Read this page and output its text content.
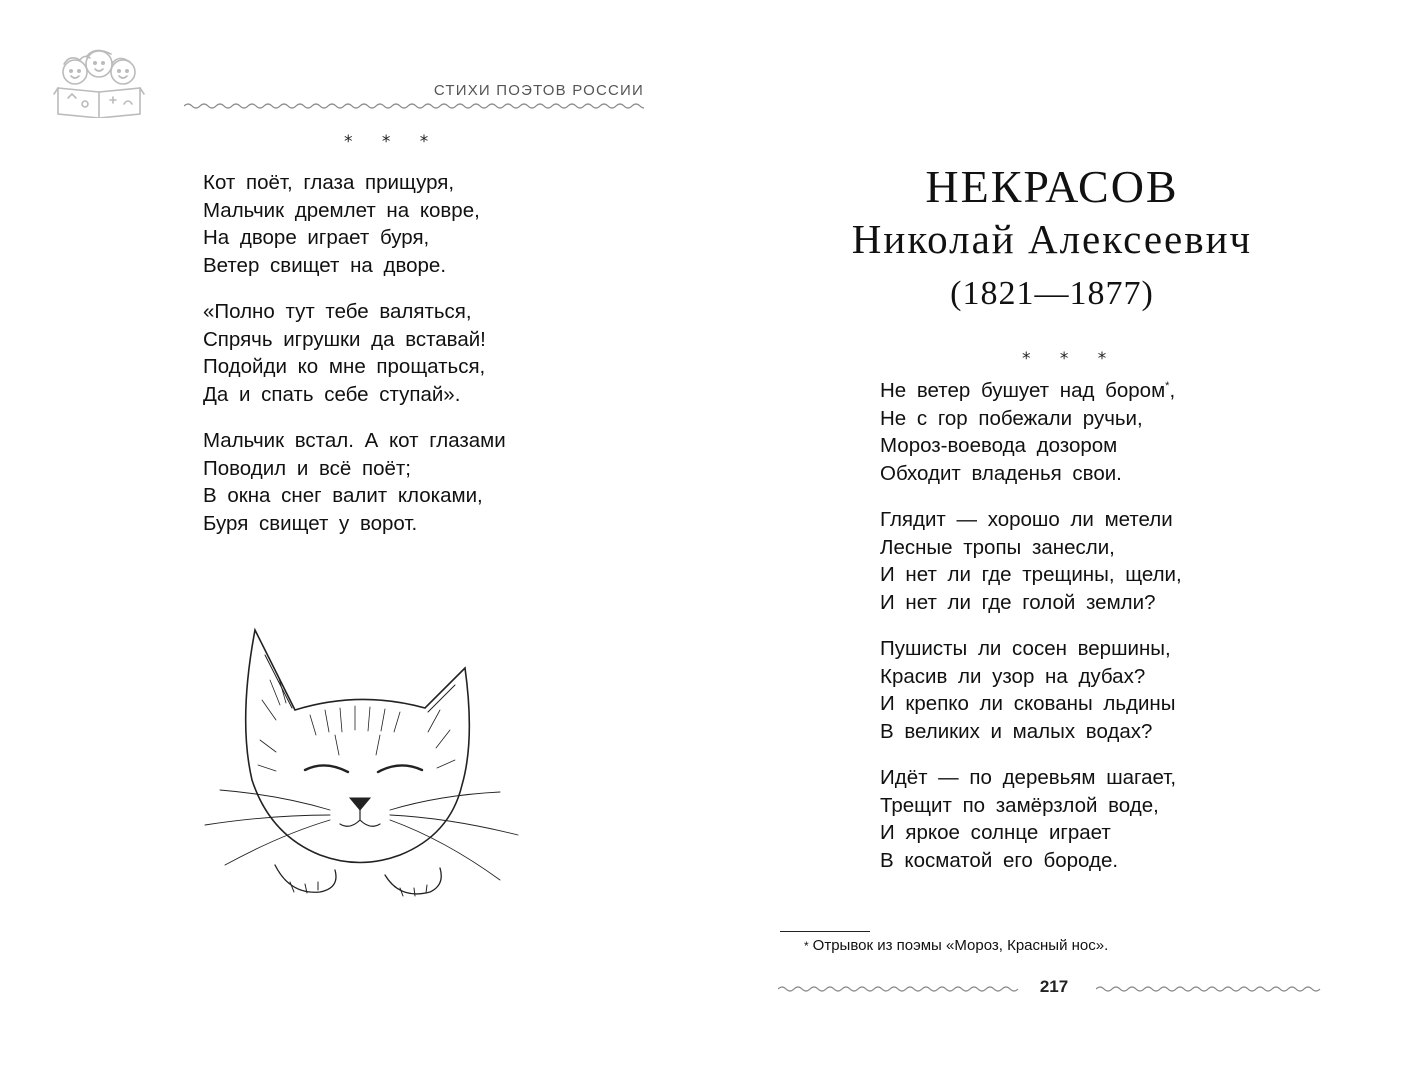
СТИХИ ПОЭТОВ РОССИИ
* * *
Кот поёт, глаза прищуря,
Мальчик дремлет на ковре,
На дворе играет буря,
Ветер свищет на дворе.
«Полно тут тебе валяться,
Спрячь игрушки да вставай!
Подойди ко мне прощаться,
Да и спать себе ступай».
Мальчик встал. А кот глазами
Поводил и всё поёт;
В окна снег валит клоками,
Буря свищет у ворот.
НЕКРАСОВ
Николай Алексеевич
(1821—1877)
* * *
Не ветер бушует над бором*,
Не с гор побежали ручьи,
Мороз-воевода дозором
Обходит владенья свои.
Глядит — хорошо ли метели
Лесные тропы занесли,
И нет ли где трещины, щели,
И нет ли где голой земли?
Пушисты ли сосен вершины,
Красив ли узор на дубах?
И крепко ли скованы льдины
В великих и малых водах?
Идёт — по деревьям шагает,
Трещит по замёрзлой воде,
И яркое солнце играет
В косматой его бороде.
* Отрывок из поэмы «Мороз, Красный нос».
217
